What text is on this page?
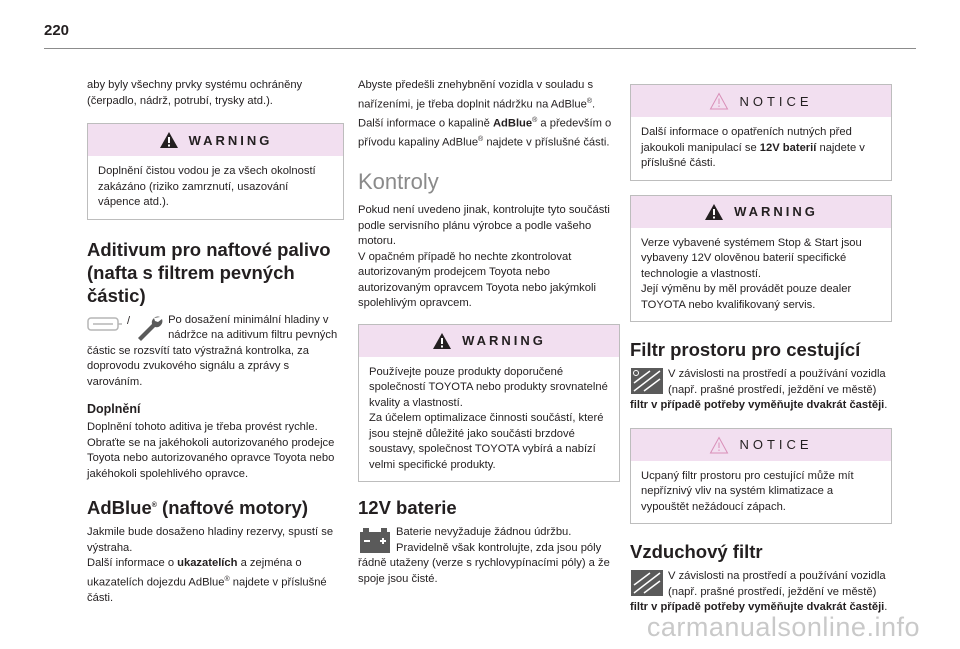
220

aby byly všechny prvky systému ochráněny (čerpadlo, nádrž, potrubí, trysky atd.).

WARNING

Doplnění čistou vodou je za všech okolností zakázáno (riziko zamrznutí, usazování vápence atd.).

Aditivum pro naftové palivo (nafta s filtrem pevných částic)
/	Po dosažení minimální hladiny v nádržce na aditivum filtru pevných částic se rozsvítí tato výstražná kontrolka, za doprovodu zvukového signálu a zprávy s varováním.

Doplnění

Doplnění tohoto aditiva je třeba provést rychle. Obraťte se na jakéhokoli autorizovaného prodejce Toyota nebo autorizovaného opravce Toyota nebo jakéhokoli spolehlivého opravce.

AdBlue® (naftové motory)

Jakmile bude dosaženo hladiny rezervy, spustí se výstraha.

Další informace o ukazatelích a zejména o ukazatelích dojezdu AdBlue® najdete v příslušné části.

Abyste předešli znehybnění vozidla v souladu s nařízeními, je třeba doplnit nádržku na AdBlue®.

Další informace o kapalině AdBlue® a především o přívodu kapaliny AdBlue® najdete v příslušné části.

Kontroly

Pokud není uvedeno jinak, kontrolujte tyto součásti podle servisního plánu výrobce a podle vašeho motoru.

V opačném případě ho nechte zkontrolovat autorizovaným prodejcem Toyota nebo autorizovaným opravcem Toyota nebo jakýmkoli spolehlivým opravcem.

WARNING

Používejte pouze produkty doporučené společností TOYOTA nebo produkty srovnatelné kvality a vlastností.

Za účelem optimalizace činnosti součástí, které jsou stejně důležité jako součásti brzdové soustavy, společnost TOYOTA vybírá a nabízí velmi specifické produkty.

12V baterie

Baterie nevyžaduje žádnou údržbu. Pravidelně však kontrolujte, zda jsou póly řádně utaženy (verze s rychlovypínacími póly) a že spoje jsou čisté.

NOTICE

Další informace o opatřeních nutných před jakoukoli manipulací se 12V baterií najdete v příslušné části.

WARNING

Verze vybavené systémem Stop & Start jsou vybaveny 12V olověnou baterií specifické technologie a vlastností.

Její výměnu by měl provádět pouze dealer TOYOTA nebo kvalifikovaný servis.

Filtr prostoru pro cestující

V závislosti na prostředí a používání vozidla (např. prašné prostředí, ježdění ve městě) filtr v případě potřeby vyměňujte dvakrát častěji.

NOTICE

Ucpaný filtr prostoru pro cestující může mít nepříznivý vliv na systém klimatizace a vypouštět nežádoucí zápach.

Vzduchový filtr

V závislosti na prostředí a používání vozidla (např. prašné prostředí, ježdění ve městě) filtr v případě potřeby vyměňujte dvakrát častěji.

carmanualsonline.info
